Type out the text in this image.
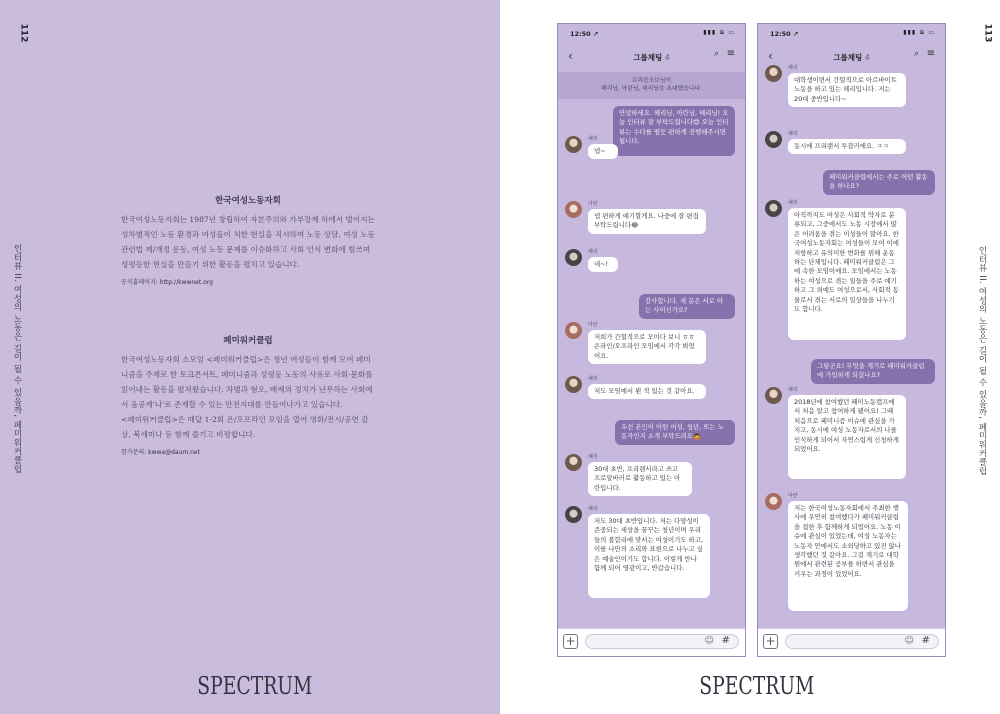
112
인터뷰 II. 여성의 노동은 길이 될 수 있을까, 페미워커클럽
한국여성노동자회

한국여성노동자회는 1987년 창립하여 자본주의와 가부장제 하에서 벌어지는 성차별적인 노동 환경과 여성들이 처한 현실을 직시하며 노동 상담, 여성 노동 관련법 제/개정 운동, 여성 노동 문제를 이슈화하고 사회 인식 변화에 힘쓰며 성평등한 현실을 만들기 위한 활동을 펼치고 있습니다.

공식홈페이지: http://kwwnet.org
페미워커클럽

한국여성노동자회 소모임 <페미워커클럽>은 청년 여성들이 함께 모여 페미니즘을 주제로 한 토크콘서트, 페미니즘과 성평등 노동의 사유로 사회·문화를 읽어내는 활동을 펼쳐왔습니다. 차별과 혐오, 배제의 정치가 난무하는 사회에서 움공계'나'로 존재할 수 있는 안전지대를 만들어나가고 있습니다.
<페미워커클럽>은 매달 1-2회 온/오프라인 모임을 열어 영화/전시/공연 감상, 북세미나 등 함께 즐기고 비평합니다.

참가문의: kwwa@daum.net
SPECTRUM
113
인터뷰 II. 여성의 노동은 길이 될 수 있을까, 페미워커클럽
12:50 ↗	▮▮▮ ≋ ▭
‹	그룹채팅 4	⌕ ≡
프리즘오브님이
헤리님, 아란님, 헤리님을 초대했습니다.
안녕하세요. 헤리님, 아란님, 혜리님! 오늘 인터뷰 잘 부탁드립니다😊 오늘 인터뷰는 수다를 떨듯 편하게 진행해주시면 됩니다.
헤리
넵~
아란
넵 편하게 얘기할게요. 나중에 잘 편집 부탁드립니다😂
헤리
네~!
감사합니다. 세 분은 서로 아는 사이신가요?
아란
저희가 간헐적으로 모이다 보니 ㅎㅎ 온라인/오프라인 모임에서 각각 봐었어요.
헤리
저도 모임에서 뵌 적 있는 것 같아요.
우선 본인이 어떤 여성, 청년, 또는 노동자인지 소개 부탁드려요🙇
헤리
30대 초반, 프리랜서라고 쓰고 프로알바러로 활동하고 있는 아란입니다.
헤리
저도 30대 초반입니다. 저는 다양성이 존중되는 세상을 꿈꾸는 청년이며 우리들의 불합리에 맞서는 여성이기도 하고, 이를 나만의 소리와 표현으로 나누고 싶은 예술인이기도 합니다. 이렇게 만나 함께 되어 영광이고, 반갑습니다.
+	☺ #
12:50 ↗	▮▮▮ ≋ ▭
‹	그룹채팅 4	⌕ ≡
헤리
대학생이면서 간헐적으로 아르바이트 노동을 하고 있는 헤리입니다. 저는 20대 중반입니다~
헤리
동시에 프리랜서 투잡러에요. ㅋㅋ
페미워커클럽에서는 주로 어떤 활동을 하나요?
헤리
아직까지도 여성은 사회적 약자로 분류되고, 그중에서도 노동 시장에서 많은 어려움을 겪는 이성들이 많아요. 한국여성노동자회는 여성들이 모여 이에 저항하고 유의미한 변화를 위해 운동하는 단체입니다. 페미워커클럽은 그에 속한 모임이에요. 모임에서는 노동하는 여성으로 겪는 일들을 주로 얘기하고 그 외에도 여성으로서, 사회적 동물로서 겪는 서로의 일상들을 나누기도 합니다.
그렇군요! 무엇을 계기로 페미워커클럽에 가입하게 되셨나요?
헤리
2018년에 참여했던 페미노동캠프에서 처음 알고 참여하게 됐어요! 그때 처음으로 페미니즘 이슈에 관심을 가지고, 동시에 여성 노동자로서의 나를 인식하게 되어서 자연스럽게 신청하게 되었어요.
아란
저는 한국여성노동자회에서 주최한 행사에 우연히 참여했다가 페미워커클럽을 접한 후 함께하게 되었어요. 노동 이슈에 관심이 있었는데, 여성 노동자는 노동자 안에서도 소외당하고 있진 않나 생각했던 것 같아요. 그걸 계기로 대학원에서 관련된 공부를 하면서 관심을 키우는 과정이 있었어요.
+	☺ #
SPECTRUM
